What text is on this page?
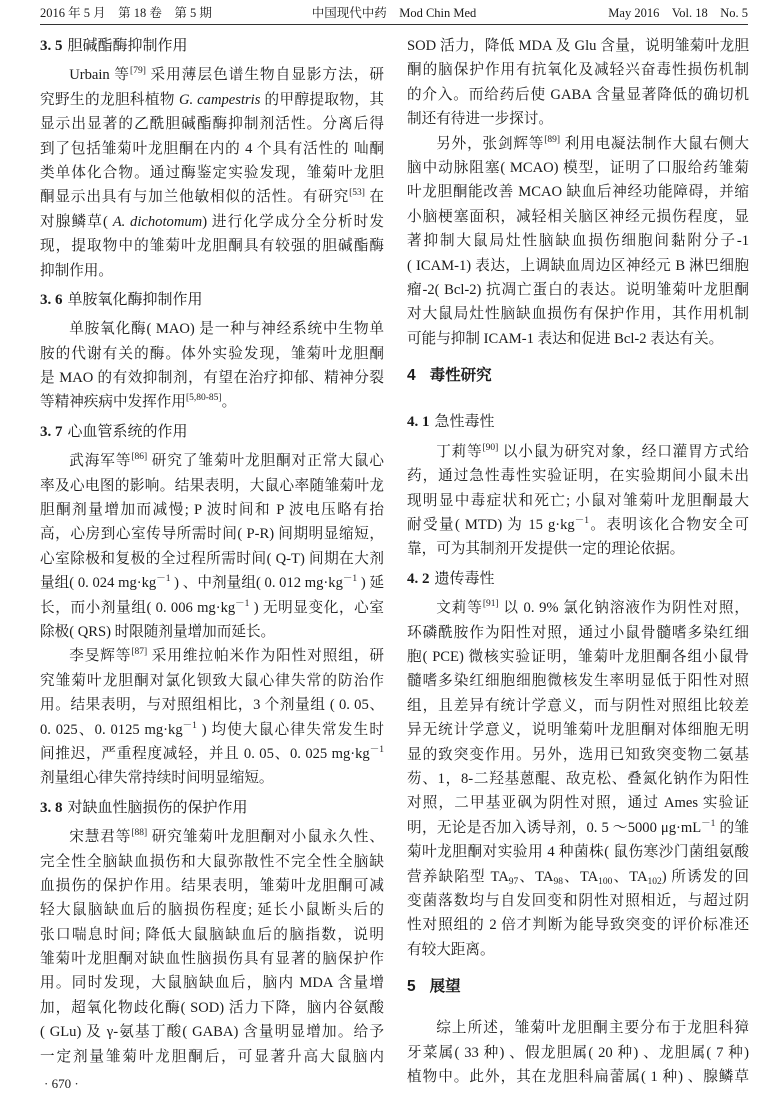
2016 年 5 月　第 18 卷　第 5 期	中国现代中药　Mod Chin Med	May 2016　Vol. 18　No. 5
3. 5 胆碱酯酶抑制作用
Urbain 等[79] 采用薄层色谱生物自显影方法，研
究野生的龙胆科植物 G. campestris 的甲醇提取物，其
显示出显著的乙酰胆碱酯酶抑制剂活性。分离后得
到了包括雏菊叶龙胆酮在内的 4 个具有活性的 𠮿酮
类单体化合物。通过酶鉴定实验发现，雏菊叶龙胆
酮显示出具有与加兰他敏相似的活性。有研究[53] 在
对腺鳞草( A. dichotomum) 进行化学成分全分析时发
现，提取物中的雏菊叶龙胆酮具有较强的胆碱酯酶
抑制作用。
3. 6 单胺氧化酶抑制作用
单胺氧化酶( MAO) 是一种与神经系统中生物单
胺的代谢有关的酶。体外实验发现，雏菊叶龙胆酮
是 MAO 的有效抑制剂，有望在治疗抑郁、精神分裂
等精神疾病中发挥作用[5,80-85]。
3. 7 心血管系统的作用
武海军等[86] 研究了雏菊叶龙胆酮对正常大鼠心
率及心电图的影响。结果表明，大鼠心率随雏菊叶龙
胆酮剂量增加而减慢; P 波时间和 P 波电压略有抬
高，心房到心室传导所需时间( P-R) 间期明显缩短，
心室除极和复极的全过程所需时间( Q-T) 间期在大剂
量组( 0. 024 $mg\cdot kg^{-1}$ ) 、中剂量组( 0. 012 $mg\cdot kg^{-1}$ ) 延
长，而小剂量组( 0. 006 $mg\cdot kg^{-1}$ ) 无明显变化，心室
除极( QRS) 时限随剂量增加而延长。
李旻辉等[87] 采用维拉帕米作为阳性对照组，研
究雏菊叶龙胆酮对氯化钡致大鼠心律失常的防治作
用。结果表明，与对照组相比，3 个剂量组 ( 0. 05、
0. 025、0. 0125 $mg\cdot kg^{-1}$ ) 均使大鼠心律失常发生时
间推迟，严重程度减轻，并且 0. 05、0. 025 $mg\cdot kg^{-1}$
剂量组心律失常持续时间明显缩短。
3. 8 对缺血性脑损伤的保护作用
宋慧君等[88] 研究雏菊叶龙胆酮对小鼠永久性、
完全性全脑缺血损伤和大鼠弥散性不完全性全脑缺
血损伤的保护作用。结果表明，雏菊叶龙胆酮可减
轻大鼠脑缺血后的脑损伤程度; 延长小鼠断头后的
张口喘息时间; 降低大鼠脑缺血后的脑指数，说明
雏菊叶龙胆酮对缺血性脑损伤具有显著的脑保护作
用。同时发现，大鼠脑缺血后，脑内 MDA 含量增
加，超氧化物歧化酶( SOD) 活力下降，脑内谷氨酸
( GLu) 及 γ-氨基丁酸( GABA) 含量明显增加。给予
一定剂量雏菊叶龙胆酮后，可显著升高大鼠脑内
SOD 活力，降低 MDA 及 Glu 含量，说明雏菊叶龙胆
酮的脑保护作用有抗氧化及减轻兴奋毒性损伤机制
的介入。而给药后使 GABA 含量显著降低的确切机
制还有待进一步探讨。
另外，张剑辉等[89] 利用电凝法制作大鼠右侧大
脑中动脉阻塞( MCAO) 模型，证明了口服给药雏菊
叶龙胆酮能改善 MCAO 缺血后神经功能障碍，并缩
小脑梗塞面积，减轻相关脑区神经元损伤程度，显
著抑制大鼠局灶性脑缺血损伤细胞间黏附分子-1
( ICAM-1) 表达，上调缺血周边区神经元 B 淋巴细胞
瘤-2( Bcl-2) 抗凋亡蛋白的表达。说明雏菊叶龙胆酮
对大鼠局灶性脑缺血损伤有保护作用，其作用机制
可能与抑制 ICAM-1 表达和促进 Bcl-2 表达有关。
4 毒性研究
4. 1 急性毒性
丁莉等[90] 以小鼠为研究对象，经口灌胃方式给
药，通过急性毒性实验证明，在实验期间小鼠未出
现明显中毒症状和死亡; 小鼠对雏菊叶龙胆酮最大
耐受量( MTD) 为 15 $g\cdot kg^{-1}$。表明该化合物安全可
靠，可为其制剂开发提供一定的理论依据。
4. 2 遗传毒性
文莉等[91] 以 0. 9% 氯化钠溶液作为阴性对照，
环磷酰胺作为阳性对照，通过小鼠骨髓嗜多染红细
胞( PCE) 微核实验证明，雏菊叶龙胆酮各组小鼠骨
髓嗜多染红细胞细胞微核发生率明显低于阳性对照
组，且差异有统计学意义，而与阴性对照组比较差
异无统计学意义，说明雏菊叶龙胆酮对体细胞无明
显的致突变作用。另外，选用已知致突变物二氨基
芴、1，8-二羟基蒽醌、敌克松、叠氮化钠作为阳性
对照，二甲基亚砜为阴性对照，通过 Ames 实验证
明，无论是否加入诱导剂，0. 5 ～5000 $\mu g\cdot mL^{-1}$ 的雏
菊叶龙胆酮对实验用 4 种菌株( 鼠伤寒沙门菌组氨酸
营养缺陷型 $TA_{97}$、$TA_{98}$、$TA_{100}$、$TA_{102}$) 所诱发的回
变菌落数均与自发回变和阴性对照相近，与超过阴
性对照组的 2 倍才判断为能导致突变的评价标准还
有较大距离。
5 展望
综上所述，雏菊叶龙胆酮主要分布于龙胆科獐
牙菜属( 33 种) 、假龙胆属( 20 种) 、龙胆属( 7 种)
植物中。此外，其在龙胆科扁蕾属( 1 种) 、腺鳞草
· 670 ·
